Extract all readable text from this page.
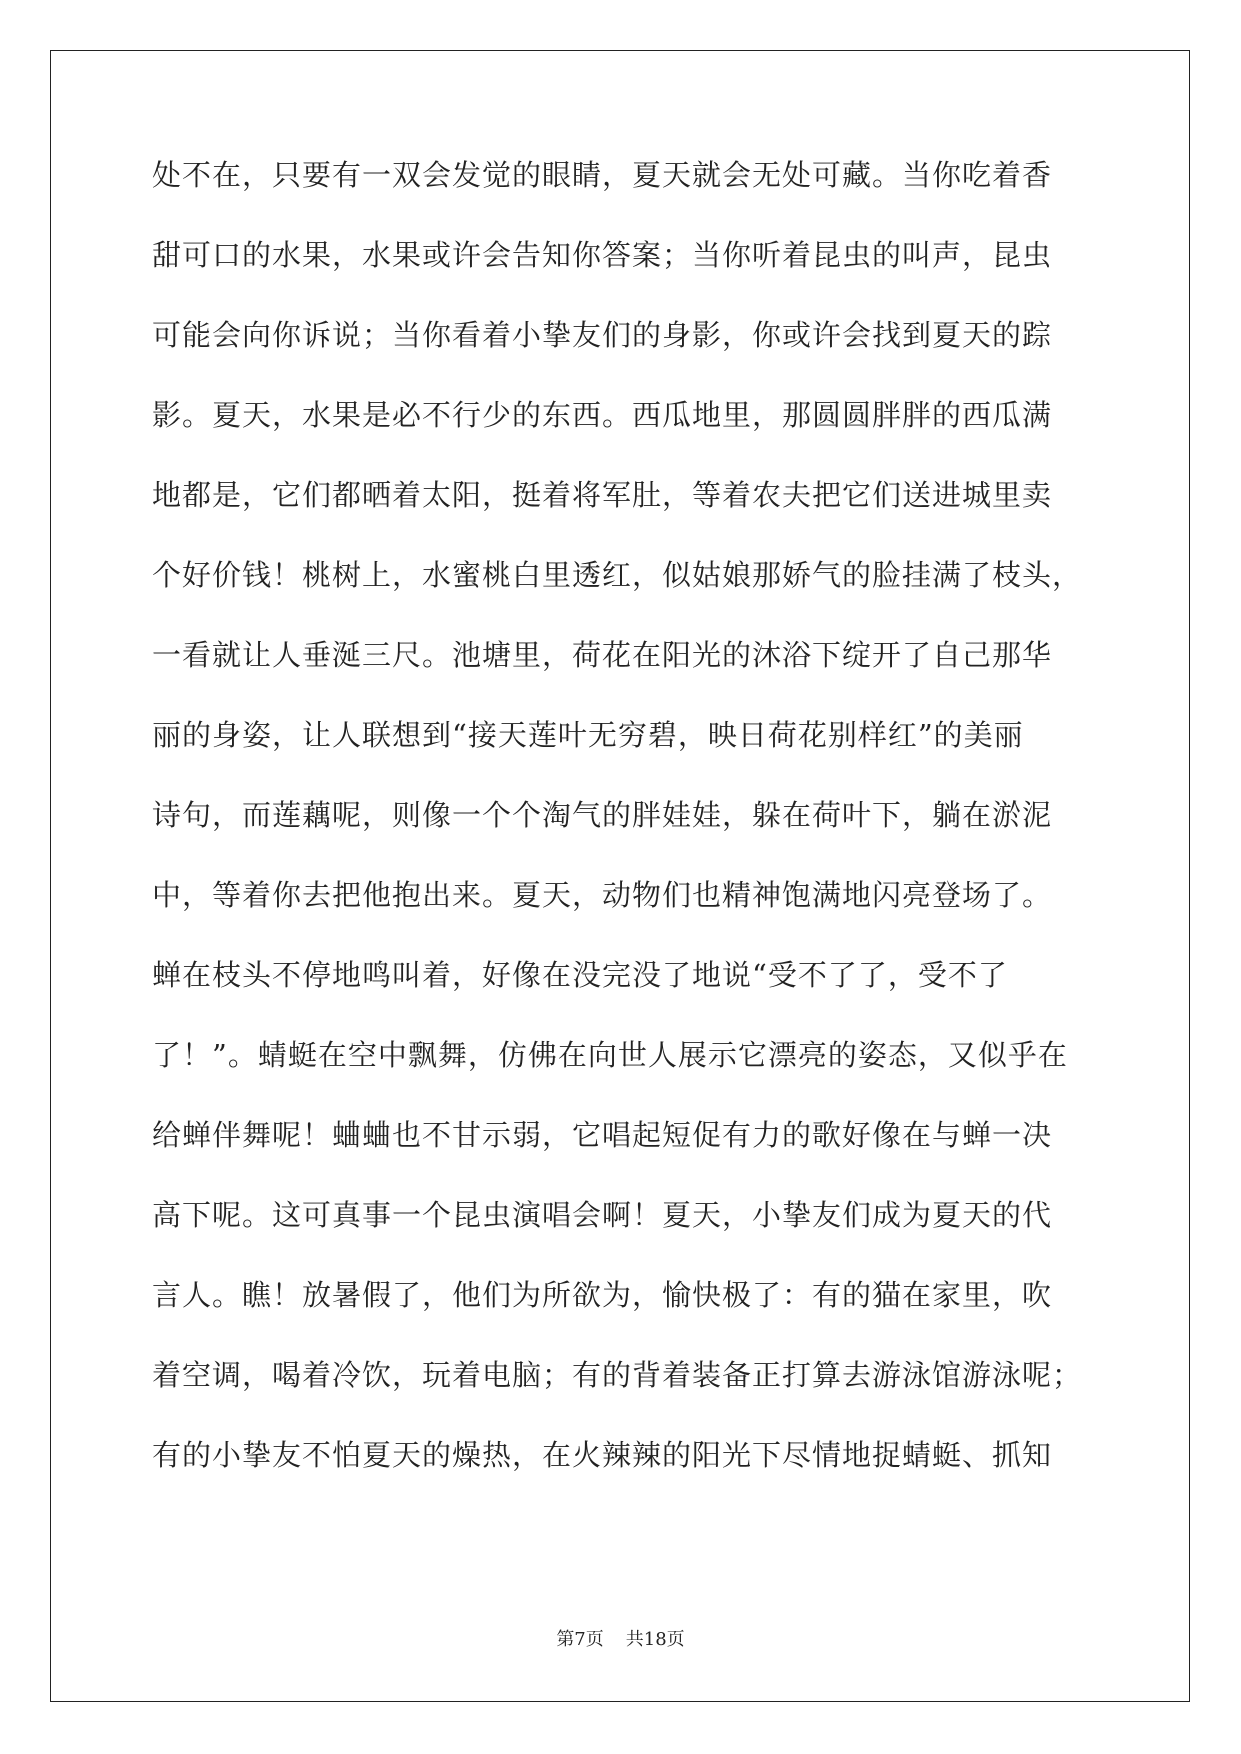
处不在，只要有一双会发觉的眼睛，夏天就会无处可藏。当你吃着香
甜可口的水果，水果或许会告知你答案；当你听着昆虫的叫声，昆虫
可能会向你诉说；当你看着小挚友们的身影，你或许会找到夏天的踪
影。夏天，水果是必不行少的东西。西瓜地里，那圆圆胖胖的西瓜满
地都是，它们都晒着太阳，挺着将军肚，等着农夫把它们送进城里卖
个好价钱！桃树上，水蜜桃白里透红，似姑娘那娇气的脸挂满了枝头，
一看就让人垂涎三尺。池塘里，荷花在阳光的沐浴下绽开了自己那华
丽的身姿，让人联想到“接天莲叶无穷碧，映日荷花别样红”的美丽
诗句，而莲藕呢，则像一个个淘气的胖娃娃，躲在荷叶下，躺在淤泥
中，等着你去把他抱出来。夏天，动物们也精神饱满地闪亮登场了。
蝉在枝头不停地鸣叫着，好像在没完没了地说“受不了了，受不了
了！”。蜻蜓在空中飘舞，仿佛在向世人展示它漂亮的姿态，又似乎在
给蝉伴舞呢！蛐蛐也不甘示弱，它唱起短促有力的歌好像在与蝉一决
高下呢。这可真事一个昆虫演唱会啊！夏天，小挚友们成为夏天的代
言人。瞧！放暑假了，他们为所欲为，愉快极了：有的猫在家里，吹
着空调，喝着冷饮，玩着电脑；有的背着装备正打算去游泳馆游泳呢；
有的小挚友不怕夏天的燥热，在火辣辣的阳光下尽情地捉蜻蜓、抓知
第7页 共18页
